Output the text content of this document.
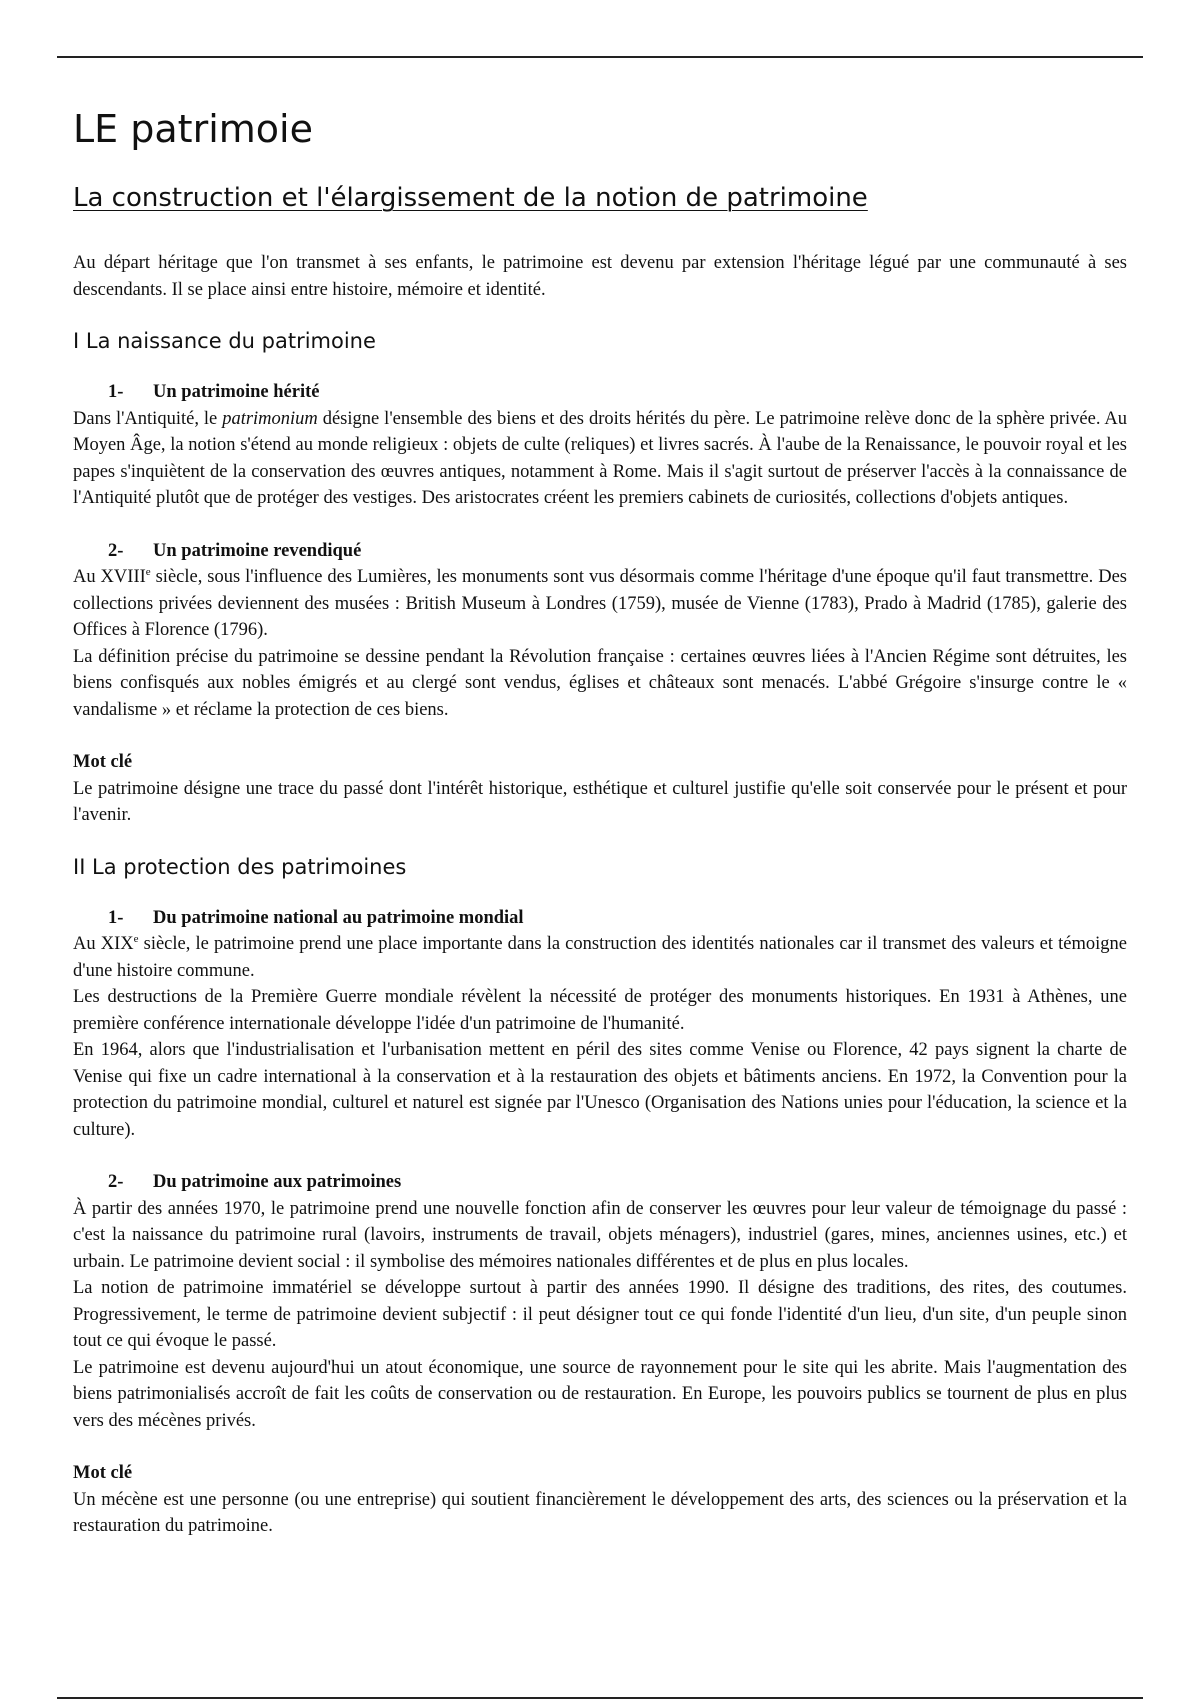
LE patrimoie
La construction et l'élargissement de la notion de patrimoine

Au départ héritage que l'on transmet à ses enfants, le patrimoine est devenu par extension l'héritage légué par une communauté à ses descendants. Il se place ainsi entre histoire, mémoire et identité.

I La naissance du patrimoine
1- Un patrimoine hérité

Dans l'Antiquité, le patrimonium désigne l'ensemble des biens et des droits hérités du père. Le patrimoine relève donc de la sphère privée. Au Moyen Âge, la notion s'étend au monde religieux : objets de culte (reliques) et livres sacrés. À l'aube de la Renaissance, le pouvoir royal et les papes s'inquiètent de la conservation des œuvres antiques, notamment à Rome. Mais il s'agit surtout de préserver l'accès à la connaissance de l'Antiquité plutôt que de protéger des vestiges. Des aristocrates créent les premiers cabinets de curiosités, collections d'objets antiques.

2- Un patrimoine revendiqué

Au XVIIIe siècle, sous l'influence des Lumières, les monuments sont vus désormais comme l'héritage d'une époque qu'il faut transmettre. Des collections privées deviennent des musées : British Museum à Londres (1759), musée de Vienne (1783), Prado à Madrid (1785), galerie des Offices à Florence (1796).

La définition précise du patrimoine se dessine pendant la Révolution française : certaines œuvres liées à l'Ancien Régime sont détruites, les biens confisqués aux nobles émigrés et au clergé sont vendus, églises et châteaux sont menacés. L'abbé Grégoire s'insurge contre le « vandalisme » et réclame la protection de ces biens.

Mot clé

Le patrimoine désigne une trace du passé dont l'intérêt historique, esthétique et culturel justifie qu'elle soit conservée pour le présent et pour l'avenir.

II La protection des patrimoines
1- Du patrimoine national au patrimoine mondial

Au XIXe siècle, le patrimoine prend une place importante dans la construction des identités nationales car il transmet des valeurs et témoigne d'une histoire commune.

Les destructions de la Première Guerre mondiale révèlent la nécessité de protéger des monuments historiques. En 1931 à Athènes, une première conférence internationale développe l'idée d'un patrimoine de l'humanité.

En 1964, alors que l'industrialisation et l'urbanisation mettent en péril des sites comme Venise ou Florence, 42 pays signent la charte de Venise qui fixe un cadre international à la conservation et à la restauration des objets et bâtiments anciens. En 1972, la Convention pour la protection du patrimoine mondial, culturel et naturel est signée par l'Unesco (Organisation des Nations unies pour l'éducation, la science et la culture).

2- Du patrimoine aux patrimoines

À partir des années 1970, le patrimoine prend une nouvelle fonction afin de conserver les œuvres pour leur valeur de témoignage du passé : c'est la naissance du patrimoine rural (lavoirs, instruments de travail, objets ménagers), industriel (gares, mines, anciennes usines, etc.) et urbain. Le patrimoine devient social : il symbolise des mémoires nationales différentes et de plus en plus locales.

La notion de patrimoine immatériel se développe surtout à partir des années 1990. Il désigne des traditions, des rites, des coutumes. Progressivement, le terme de patrimoine devient subjectif : il peut désigner tout ce qui fonde l'identité d'un lieu, d'un site, d'un peuple sinon tout ce qui évoque le passé.

Le patrimoine est devenu aujourd'hui un atout économique, une source de rayonnement pour le site qui les abrite. Mais l'augmentation des biens patrimonialisés accroît de fait les coûts de conservation ou de restauration. En Europe, les pouvoirs publics se tournent de plus en plus vers des mécènes privés.

Mot clé

Un mécène est une personne (ou une entreprise) qui soutient financièrement le développement des arts, des sciences ou la préservation et la restauration du patrimoine.
